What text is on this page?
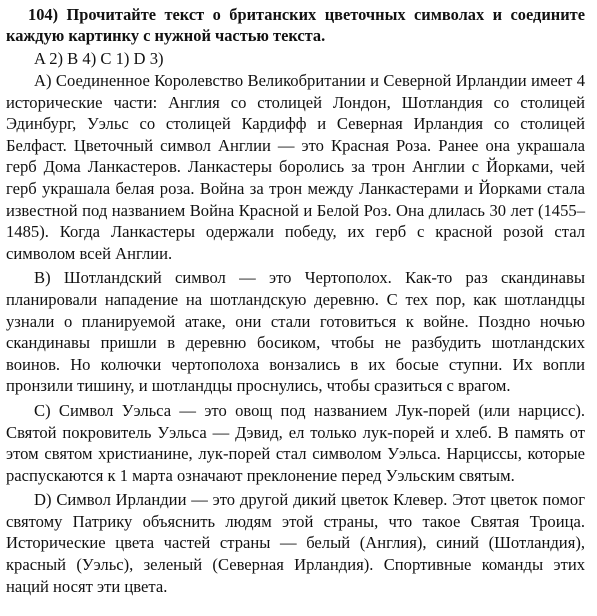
104) Прочитайте текст о британских цветочных символах и соедините каждую картинку с нужной частью текста.

A 2) B 4) C 1) D 3)

A) Соединенное Королевство Великобритании и Северной Ирландии имеет 4 исторические части: Англия со столицей Лондон, Шотландия со столицей Эдинбург, Уэльс со столицей Кардифф и Северная Ирландия со столицей Белфаст. Цветочный символ Англии — это Красная Роза. Ранее она украшала герб Дома Ланкастеров. Ланкастеры боролись за трон Англии с Йорками, чей герб украшала белая роза. Война за трон между Ланкастерами и Йорками стала известной под названием Война Красной и Белой Роз. Она длилась 30 лет (1455–1485). Когда Ланкастеры одержали победу, их герб с красной розой стал символом всей Англии.

B) Шотландский символ — это Чертополох. Как-то раз скандинавы планировали нападение на шотландскую деревню. С тех пор, как шотландцы узнали о планируемой атаке, они стали готовиться к войне. Поздно ночью скандинавы пришли в деревню босиком, чтобы не разбудить шотландских воинов. Но колючки чертополоха вонзались в их босые ступни. Их вопли пронзили тишину, и шотландцы проснулись, чтобы сразиться с врагом.

C) Символ Уэльса — это овощ под названием Лук-порей (или нарцисс). Святой покровитель Уэльса — Дэвид, ел только лук-порей и хлеб. В память от этом святом христианине, лук-порей стал символом Уэльса. Нарциссы, которые распускаются к 1 марта означают преклонение перед Уэльским святым.

D) Символ Ирландии — это другой дикий цветок Клевер. Этот цветок помог святому Патрику объяснить людям этой страны, что такое Святая Троица. Исторические цвета частей страны — белый (Англия), синий (Шотландия), красный (Уэльс), зеленый (Северная Ирландия). Спортивные команды этих наций носят эти цвета.
